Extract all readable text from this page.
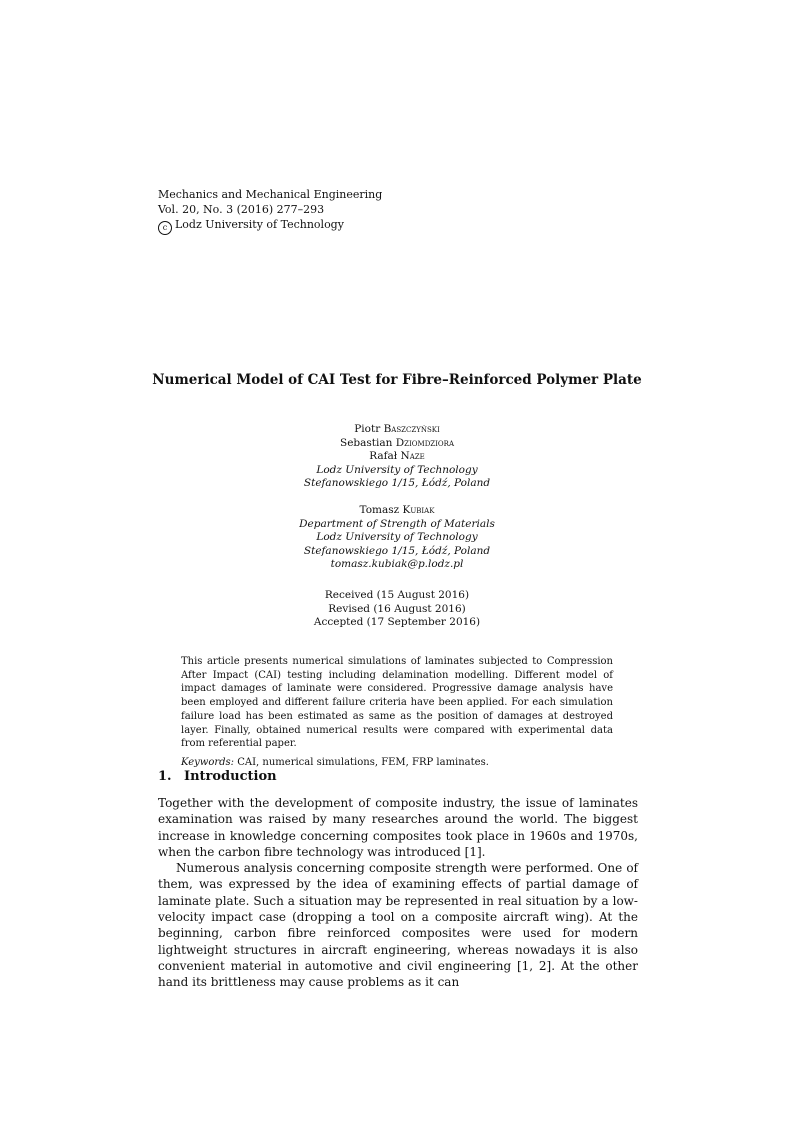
Mechanics and Mechanical Engineering
Vol. 20, No. 3 (2016) 277–293
c Lodz University of Technology
Numerical Model of CAI Test for Fibre–Reinforced Polymer Plate
Piotr Baszczyński
Sebastian Dziomdziora
Rafał Naze
Lodz University of Technology
Stefanowskiego 1/15, Łódź, Poland
Tomasz Kubiak
Department of Strength of Materials
Lodz University of Technology
Stefanowskiego 1/15, Łódź, Poland
tomasz.kubiak@p.lodz.pl
Received (15 August 2016)
Revised (16 August 2016)
Accepted (17 September 2016)
This article presents numerical simulations of laminates subjected to Compression After Impact (CAI) testing including delamination modelling. Different model of impact damages of laminate were considered. Progressive damage analysis have been employed and different failure criteria have been applied. For each simulation failure load has been estimated as same as the position of damages at destroyed layer. Finally, obtained numerical results were compared with experimental data from referential paper.
Keywords: CAI, numerical simulations, FEM, FRP laminates.
1. Introduction

Together with the development of composite industry, the issue of laminates examination was raised by many researches around the world. The biggest increase in knowledge concerning composites took place in 1960s and 1970s, when the carbon fibre technology was introduced [1].

Numerous analysis concerning composite strength were performed. One of them, was expressed by the idea of examining effects of partial damage of laminate plate. Such a situation may be represented in real situation by a low-velocity impact case (dropping a tool on a composite aircraft wing). At the beginning, carbon fibre reinforced composites were used for modern lightweight structures in aircraft engineering, whereas nowadays it is also convenient material in automotive and civil engineering [1, 2]. At the other hand its brittleness may cause problems as it can
